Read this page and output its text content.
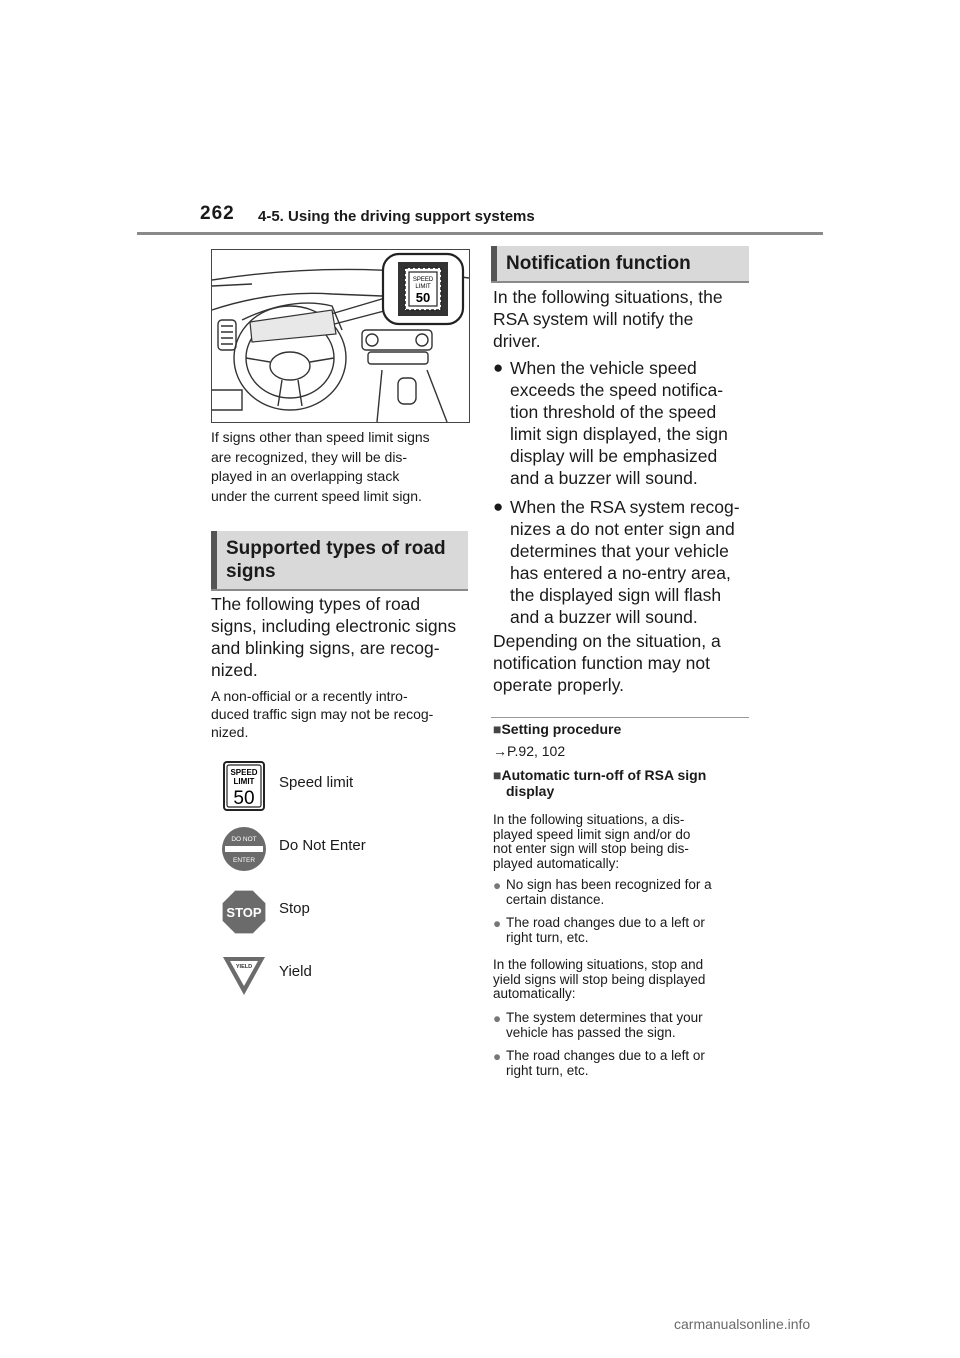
262 4-5. Using the driving support systems
SPEED
LIMIT
50
If signs other than speed limit signs
are recognized, they will be dis-
played in an overlapping stack
under the current speed limit sign.
Supported types of road
signs
The following types of road
signs, including electronic signs
and blinking signs, are recog-
nized.
A non-official or a recently intro-
duced traffic sign may not be recog-
nized.
SPEED
LIMIT
50
Speed limit
DO NOT
ENTER
Do Not Enter
STOP Stop
YIELD Yield
Notification function
In the following situations, the
RSA system will notify the
driver.
● When the vehicle speed
exceeds the speed notifica-
tion threshold of the speed
limit sign displayed, the sign
display will be emphasized
and a buzzer will sound.
● When the RSA system recog-
nizes a do not enter sign and
determines that your vehicle
has entered a no-entry area,
the displayed sign will flash
and a buzzer will sound.
Depending on the situation, a
notification function may not
operate properly.
■Setting procedure
→P.92, 102
■Automatic turn-off of RSA sign
display
In the following situations, a dis-
played speed limit sign and/or do
not enter sign will stop being dis-
played automatically:
● No sign has been recognized for a
certain distance.
● The road changes due to a left or
right turn, etc.
In the following situations, stop and
yield signs will stop being displayed
automatically:
● The system determines that your
vehicle has passed the sign.
● The road changes due to a left or
right turn, etc.
carmanualsonline.info
